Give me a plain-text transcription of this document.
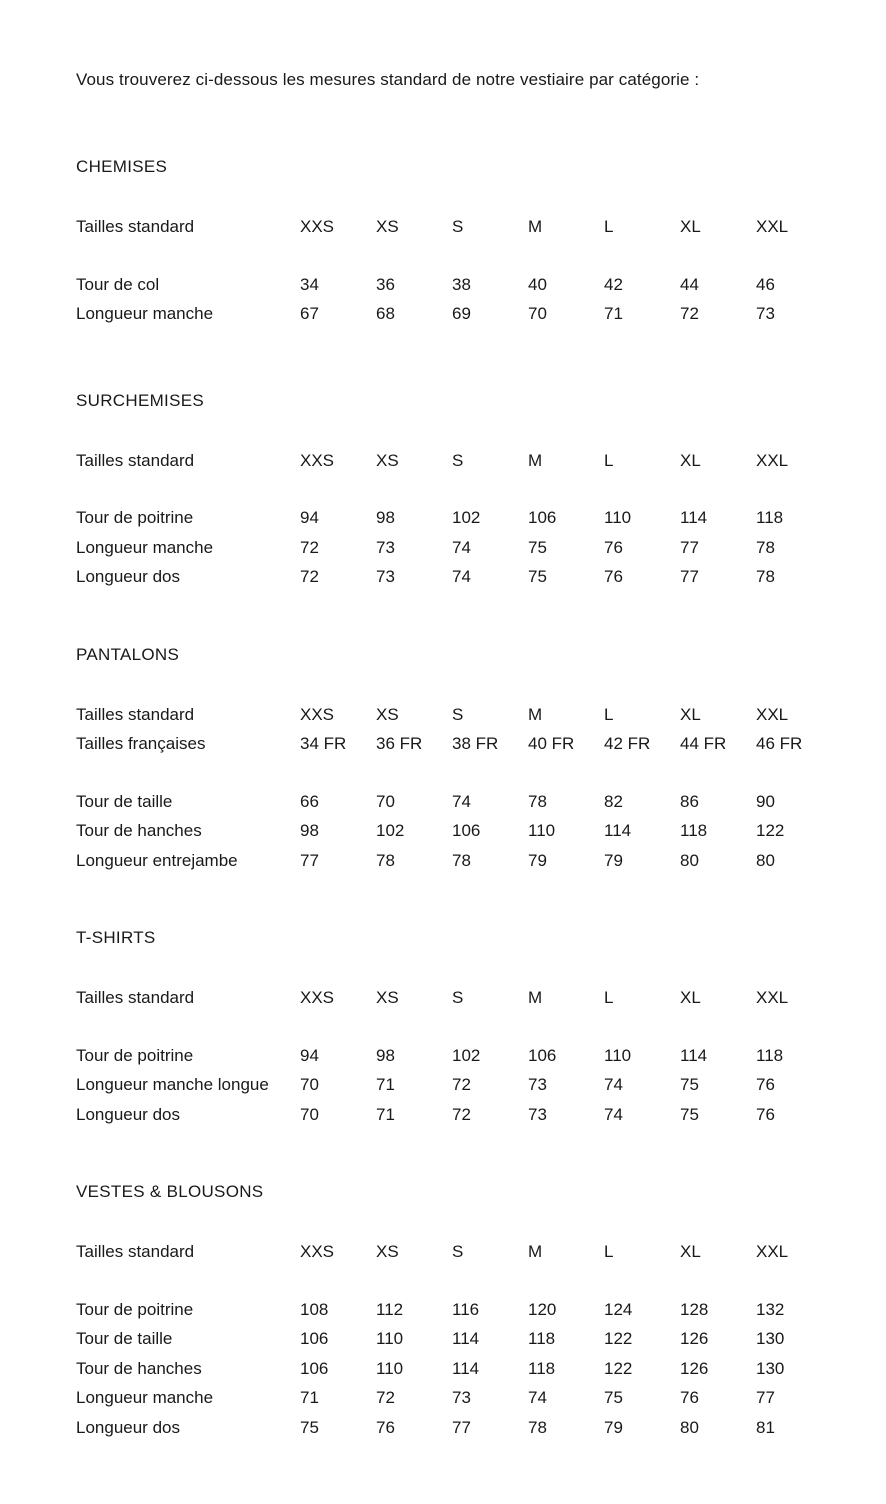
Vous trouverez ci-dessous les mesures standard de notre vestiaire par catégorie :

CHEMISES
Tailles standard	XXS	XS	S	M	L	XL	XXL
Tour de col	34	36	38	40	42	44	46
Longueur manche	67	68	69	70	71	72	73
SURCHEMISES
Tailles standard	XXS	XS	S	M	L	XL	XXL
Tour de poitrine	94	98	102	106	110	114	118
Longueur manche	72	73	74	75	76	77	78
Longueur dos	72	73	74	75	76	77	78
PANTALONS
Tailles standard	XXS	XS	S	M	L	XL	XXL
Tailles françaises	34 FR	36 FR	38 FR	40 FR	42 FR	44 FR	46 FR
Tour de taille	66	70	74	78	82	86	90
Tour de hanches	98	102	106	110	114	118	122
Longueur entrejambe	77	78	78	79	79	80	80
T-SHIRTS
Tailles standard	XXS	XS	S	M	L	XL	XXL
Tour de poitrine	94	98	102	106	110	114	118
Longueur manche longue	70	71	72	73	74	75	76
Longueur dos	70	71	72	73	74	75	76
VESTES & BLOUSONS
Tailles standard	XXS	XS	S	M	L	XL	XXL
Tour de poitrine	108	112	116	120	124	128	132
Tour de taille	106	110	114	118	122	126	130
Tour de hanches	106	110	114	118	122	126	130
Longueur manche	71	72	73	74	75	76	77
Longueur dos	75	76	77	78	79	80	81
